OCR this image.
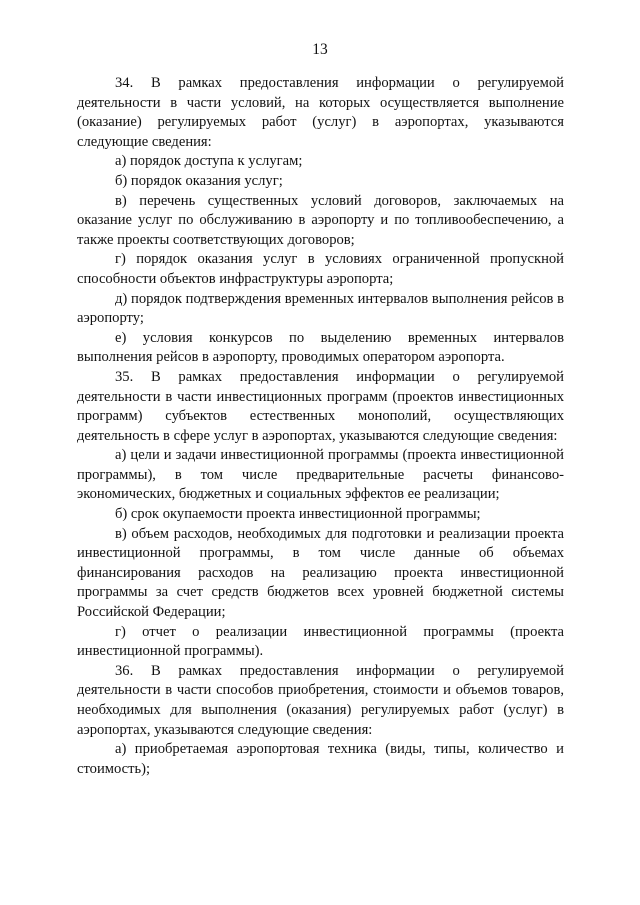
13

34. В рамках предоставления информации о регулируемой деятельности в части условий, на которых осуществляется выполнение (оказание) регулируемых работ (услуг) в аэропортах, указываются следующие сведения:

а) порядок доступа к услугам;

б) порядок оказания услуг;

в) перечень существенных условий договоров, заключаемых на оказание услуг по обслуживанию в аэропорту и по топливообеспечению, а также проекты соответствующих договоров;

г) порядок оказания услуг в условиях ограниченной пропускной способности объектов инфраструктуры аэропорта;

д) порядок подтверждения временных интервалов выполнения рейсов в аэропорту;

е) условия конкурсов по выделению временных интервалов выполнения рейсов в аэропорту, проводимых оператором аэропорта.

35. В рамках предоставления информации о регулируемой деятельности в части инвестиционных программ (проектов инвестиционных программ) субъектов естественных монополий, осуществляющих деятельность в сфере услуг в аэропортах, указываются следующие сведения:

а) цели и задачи инвестиционной программы (проекта инвестиционной программы), в том числе предварительные расчеты финансово-экономических, бюджетных и социальных эффектов ее реализации;

б) срок окупаемости проекта инвестиционной программы;

в) объем расходов, необходимых для подготовки и реализации проекта инвестиционной программы, в том числе данные об объемах финансирования расходов на реализацию проекта инвестиционной программы за счет средств бюджетов всех уровней бюджетной системы Российской Федерации;

г) отчет о реализации инвестиционной программы (проекта инвестиционной программы).

36. В рамках предоставления информации о регулируемой деятельности в части способов приобретения, стоимости и объемов товаров, необходимых для выполнения (оказания) регулируемых работ (услуг) в аэропортах, указываются следующие сведения:

а) приобретаемая аэропортовая техника (виды, типы, количество и стоимость);
